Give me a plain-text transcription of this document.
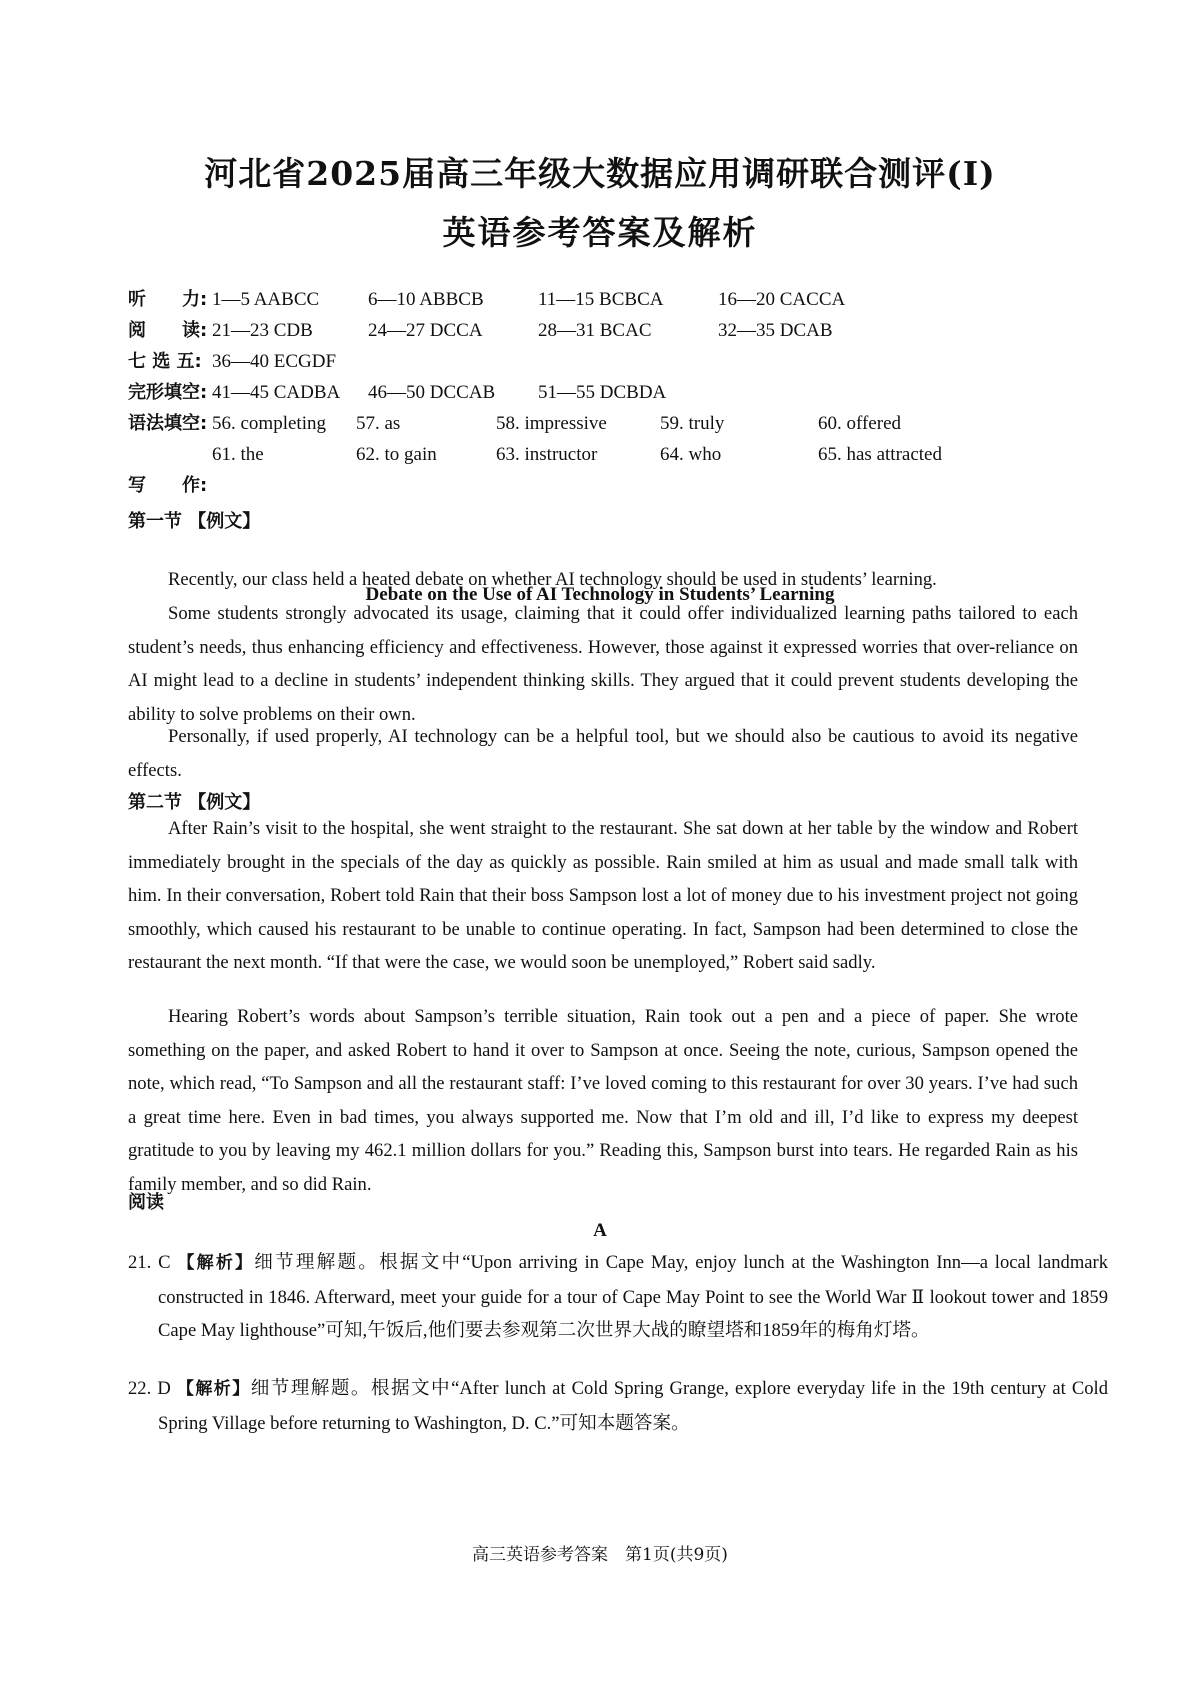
河北省2025届高三年级大数据应用调研联合测评(Ⅰ)
英语参考答案及解析
听　　力: 1—5 AABCC	6—10 ABBCB	11—15 BCBCA	16—20 CACCA
阅　　读: 21—23 CDB	24—27 DCCA	28—31 BCAC	32—35 DCAB
七 选 五: 36—40 ECGDF
完形填空: 41—45 CADBA 46—50 DCCAB 51—55 DCBDA
语法填空: 56. completing 57. as	58. impressive	59. truly	60. offered
61. the	62. to gain	63. instructor	64. who	65. has attracted
写　　作:
第一节 【例文】
Debate on the Use of AI Technology in Students’ Learning
Recently, our class held a heated debate on whether AI technology should be used in students’ learning.
Some students strongly advocated its usage, claiming that it could offer individualized learning paths tailored to each student’s needs, thus enhancing efficiency and effectiveness. However, those against it expressed worries that over-reliance on AI might lead to a decline in students’ independent thinking skills. They argued that it could prevent students developing the ability to solve problems on their own.
Personally, if used properly, AI technology can be a helpful tool, but we should also be cautious to avoid its negative effects.
第二节 【例文】
After Rain’s visit to the hospital, she went straight to the restaurant. She sat down at her table by the window and Robert immediately brought in the specials of the day as quickly as possible. Rain smiled at him as usual and made small talk with him. In their conversation, Robert told Rain that their boss Sampson lost a lot of money due to his investment project not going smoothly, which caused his restaurant to be unable to continue operating. In fact, Sampson had been determined to close the restaurant the next month. “If that were the case, we would soon be unemployed,” Robert said sadly.
Hearing Robert’s words about Sampson’s terrible situation, Rain took out a pen and a piece of paper. She wrote something on the paper, and asked Robert to hand it over to Sampson at once. Seeing the note, curious, Sampson opened the note, which read, “To Sampson and all the restaurant staff: I’ve loved coming to this restaurant for over 30 years. I’ve had such a great time here. Even in bad times, you always supported me. Now that I’m old and ill, I’d like to express my deepest gratitude to you by leaving my 462.1 million dollars for you.” Reading this, Sampson burst into tears. He regarded Rain as his family member, and so did Rain.
阅读
A
21. C 【解析】细节理解题。根据文中“Upon arriving in Cape May, enjoy lunch at the Washington Inn—a local landmark constructed in 1846. Afterward, meet your guide for a tour of Cape May Point to see the World War Ⅱ lookout tower and 1859 Cape May lighthouse”可知,午饭后,他们要去参观第二次世界大战的瞭望塔和1859年的梅角灯塔。
22. D 【解析】细节理解题。根据文中“After lunch at Cold Spring Grange, explore everyday life in the 19th century at Cold Spring Village before returning to Washington, D. C.”可知本题答案。
高三英语参考答案　第1页(共9页)
